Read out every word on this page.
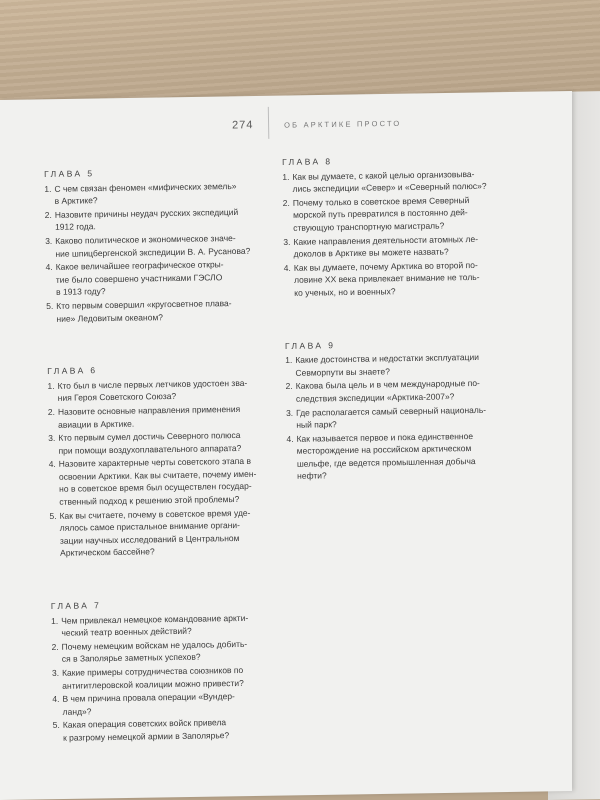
274	ОБ АРКТИКЕ ПРОСТО
ГЛАВА 5
1. С чем связан феномен «мифических земель»
в Арктике?
2. Назовите причины неудач русских экспедиций
1912 года.
3. Каково политическое и экономическое значе-
ние шпицбергенской экспедиции В. А. Русанова?
4. Какое величайшее географическое откры-
тие было совершено участниками ГЭСЛО
в 1913 году?
5. Кто первым совершил «кругосветное плава-
ние» Ледовитым океаном?
ГЛАВА 6
1. Кто был в числе первых летчиков удостоен зва-
ния Героя Советского Союза?
2. Назовите основные направления применения
авиации в Арктике.
3. Кто первым сумел достичь Северного полюса
при помощи воздухоплавательного аппарата?
4. Назовите характерные черты советского этапа в
освоении Арктики. Как вы считаете, почему имен-
но в советское время был осуществлен государ-
ственный подход к решению этой проблемы?
5. Как вы считаете, почему в советское время уде-
лялось самое пристальное внимание органи-
зации научных исследований в Центральном
Арктическом бассейне?
ГЛАВА 7
1. Чем привлекал немецкое командование аркти-
ческий театр военных действий?
2. Почему немецким войскам не удалось добить-
ся в Заполярье заметных успехов?
3. Какие примеры сотрудничества союзников по
антигитлеровской коалиции можно привести?
4. В чем причина провала операции «Вундер-
ланд»?
5. Какая операция советских войск привела
к разгрому немецкой армии в Заполярье?
ГЛАВА 8
1. Как вы думаете, с какой целью организовыва-
лись экспедиции «Север» и «Северный полюс»?
2. Почему только в советское время Северный
морской путь превратился в постоянно дей-
ствующую транспортную магистраль?
3. Какие направления деятельности атомных ле-
доколов в Арктике вы можете назвать?
4. Как вы думаете, почему Арктика во второй по-
ловине XX века привлекает внимание не толь-
ко ученых, но и военных?
ГЛАВА 9
1. Какие достоинства и недостатки эксплуатации
Севморпути вы знаете?
2. Какова была цель и в чем международные по-
следствия экспедиции «Арктика-2007»?
3. Где располагается самый северный националь-
ный парк?
4. Как называется первое и пока единственное
месторождение на российском арктическом
шельфе, где ведется промышленная добыча
нефти?
